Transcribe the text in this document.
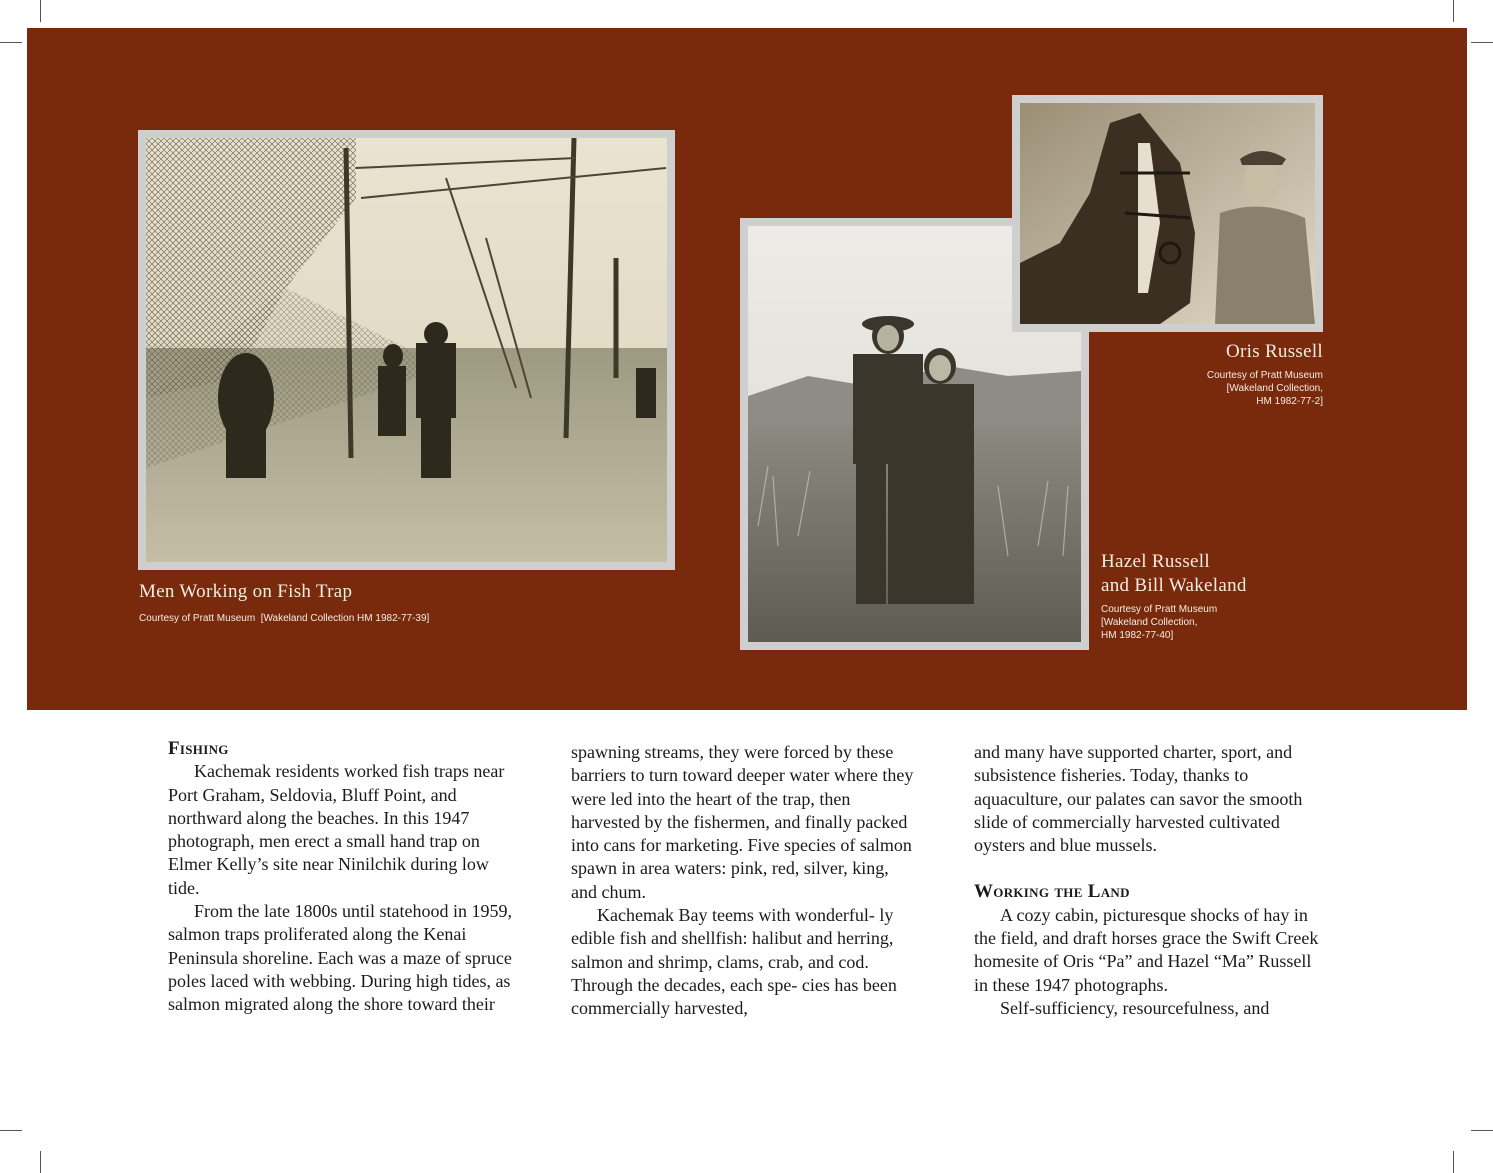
Men Working on Fish Trap
Courtesy of Pratt Museum  [Wakeland Collection HM 1982-77-39]
Oris Russell
Courtesy of Pratt Museum
[Wakeland Collection,
HM 1982-77-2]
Hazel Russell
and Bill Wakeland
Courtesy of Pratt Museum
[Wakeland Collection,
HM 1982-77-40]
Fishing

Kachemak residents worked fish traps near Port Graham, Seldovia, Bluff Point, and northward along the beaches. In this 1947 photograph, men erect a small hand trap on Elmer Kelly’s site near Ninilchik during low tide.

From the late 1800s until statehood in 1959, salmon traps proliferated along the Kenai Peninsula shoreline. Each was a maze of spruce poles laced with webbing. During high tides, as salmon migrated along the shore toward their

spawning streams, they were forced by these barriers to turn toward deeper water where they were led into the heart of the trap, then harvested by the fishermen, and finally packed into cans for marketing. Five species of salmon spawn in area waters: pink, red, silver, king, and chum.

Kachemak Bay teems with wonderful- ly edible fish and shellfish: halibut and herring, salmon and shrimp, clams, crab, and cod. Through the decades, each spe- cies has been commercially harvested,

and many have supported charter, sport, and subsistence fisheries. Today, thanks to aquaculture, our palates can savor the smooth slide of commercially harvested cultivated oysters and blue mussels.

Working the Land

A cozy cabin, picturesque shocks of hay in the field, and draft horses grace the Swift Creek homesite of Oris “Pa” and Hazel “Ma” Russell in these 1947 photographs.

Self-sufficiency, resourcefulness, and
